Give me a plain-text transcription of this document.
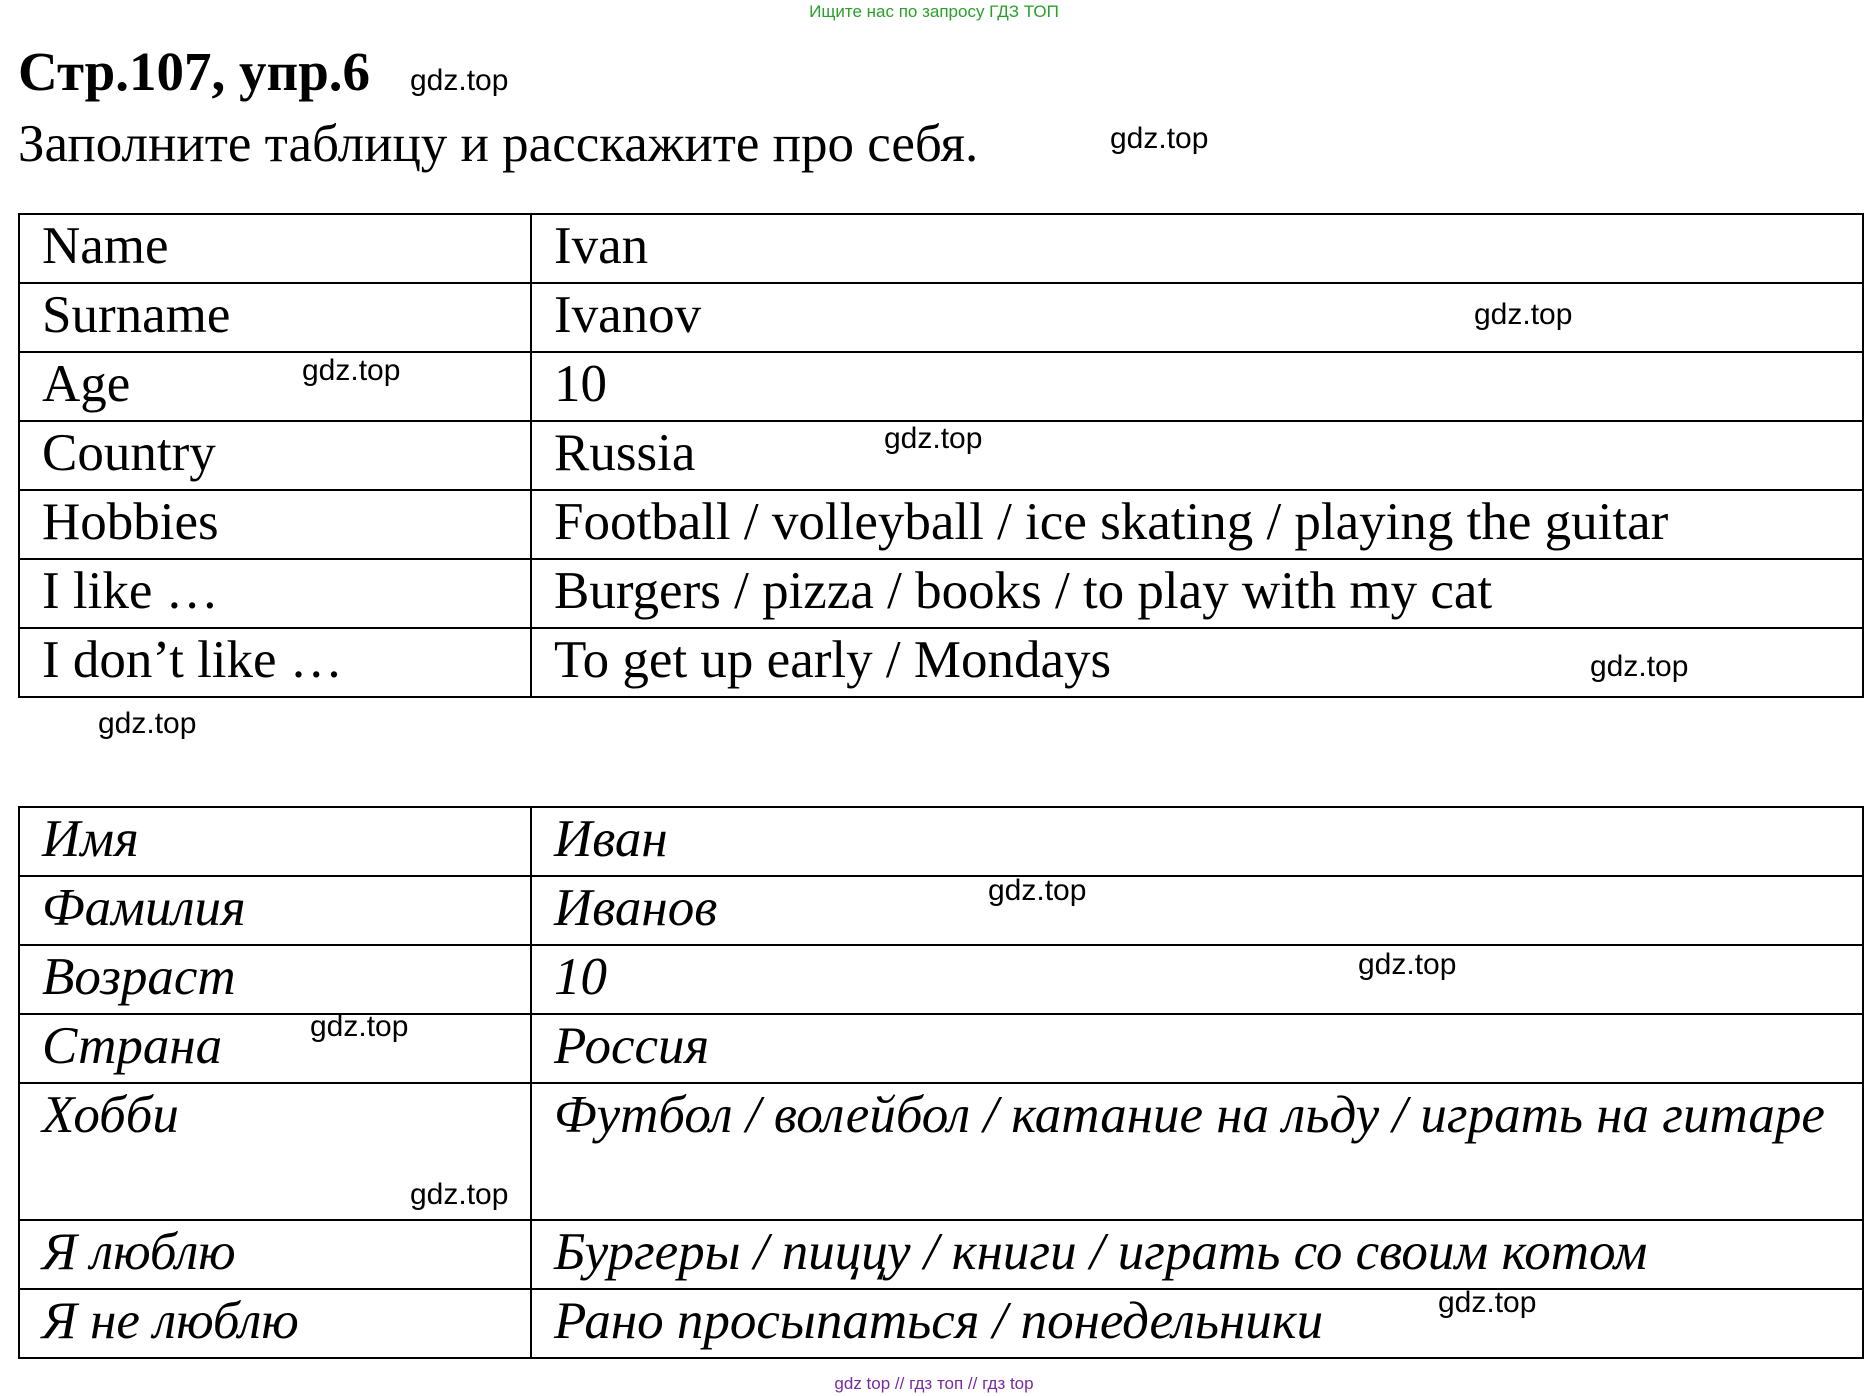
Ищите нас по запросу ГДЗ ТОП
Стр.107, упр.6
Заполните таблицу и расскажите про себя.
Name	Ivan
Surname	Ivanov
Age	10
Country	Russia
Hobbies	Football / volleyball / ice skating / playing the guitar
I like …	Burgers / pizza / books / to play with my cat
I don’t like …	To get up early / Mondays
Имя	Иван
Фамилия	Иванов
Возраст	10
Страна	Россия
Хобби	Футбол / волейбол / катание на льду / играть на гитаре
Я люблю	Бургеры / пиццу / книги / играть со своим котом
Я не люблю	Рано просыпаться / понедельники
gdz.top
gdz.top
gdz.top
gdz.top
gdz.top
gdz.top
gdz.top
gdz.top
gdz.top
gdz.top
gdz.top
gdz.top
gdz top // гдз топ // гдз top
